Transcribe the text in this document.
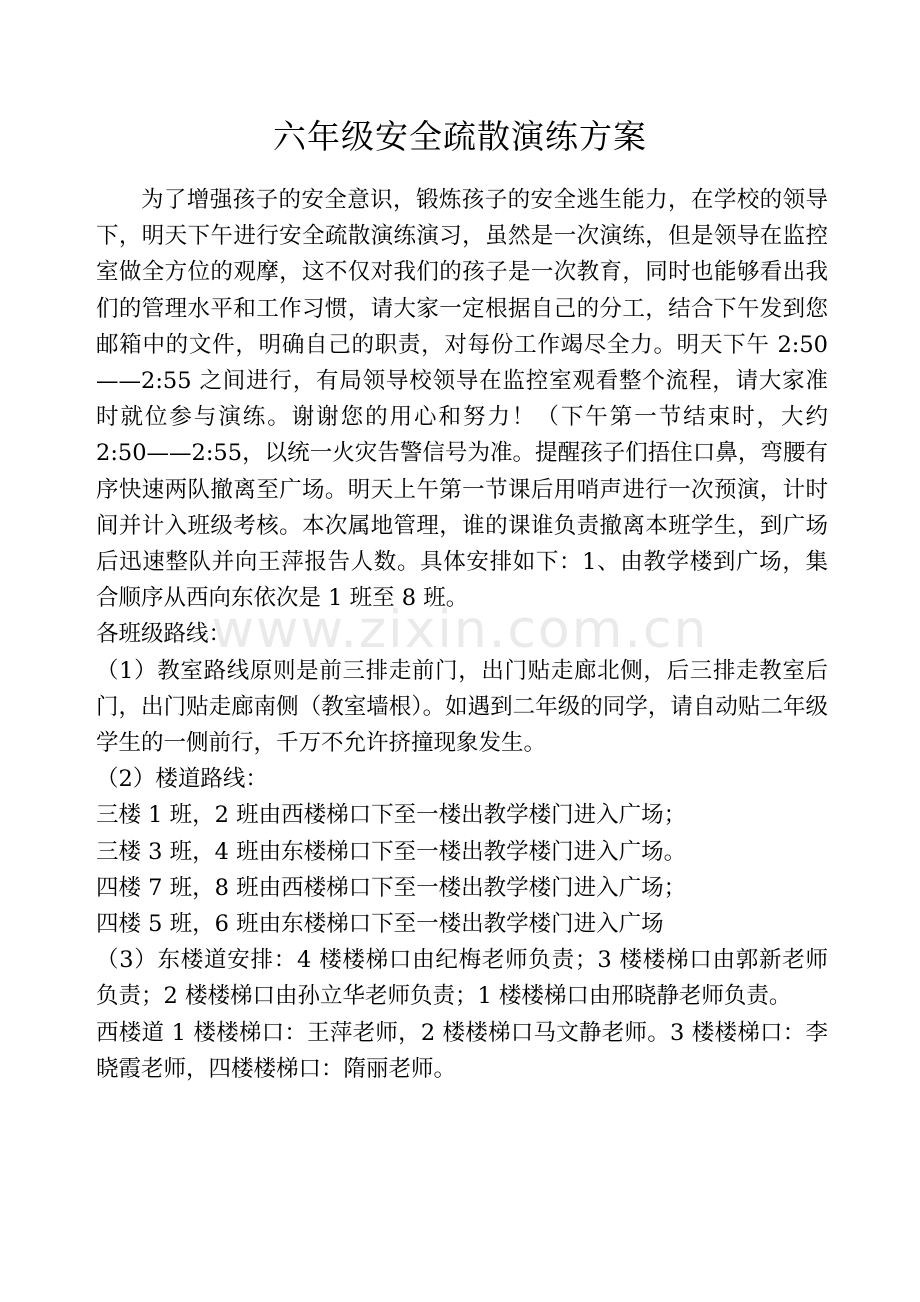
六年级安全疏散演练方案

为了增强孩子的安全意识，锻炼孩子的安全逃生能力，在学校的领导下，明天下午进行安全疏散演练演习，虽然是一次演练，但是领导在监控室做全方位的观摩，这不仅对我们的孩子是一次教育，同时也能够看出我们的管理水平和工作习惯，请大家一定根据自己的分工，结合下午发到您邮箱中的文件，明确自己的职责，对每份工作竭尽全力。明天下午 2:50——2:55 之间进行，有局领导校领导在监控室观看整个流程，请大家准时就位参与演练。谢谢您的用心和努力！（下午第一节结束时，大约 2:50——2:55，以统一火灾告警信号为准。提醒孩子们捂住口鼻，弯腰有序快速两队撤离至广场。明天上午第一节课后用哨声进行一次预演，计时间并计入班级考核。本次属地管理，谁的课谁负责撤离本班学生，到广场后迅速整队并向王萍报告人数。具体安排如下：1、由教学楼到广场，集合顺序从西向东依次是 1 班至 8 班。

各班级路线：

（1）教室路线原则是前三排走前门，出门贴走廊北侧，后三排走教室后门，出门贴走廊南侧（教室墙根）。如遇到二年级的同学，请自动贴二年级学生的一侧前行，千万不允许挤撞现象发生。

（2）楼道路线：

三楼 1 班，2 班由西楼梯口下至一楼出教学楼门进入广场；

三楼 3 班，4 班由东楼梯口下至一楼出教学楼门进入广场。

四楼 7 班，8 班由西楼梯口下至一楼出教学楼门进入广场；

四楼 5 班，6 班由东楼梯口下至一楼出教学楼门进入广场

（3）东楼道安排：4 楼楼梯口由纪梅老师负责；3 楼楼梯口由郭新老师负责；2 楼楼梯口由孙立华老师负责；1 楼楼梯口由邢晓静老师负责。

西楼道 1 楼楼梯口：王萍老师，2 楼楼梯口马文静老师。3 楼楼梯口：李晓霞老师，四楼楼梯口：隋丽老师。

www.zixin.com.cn
